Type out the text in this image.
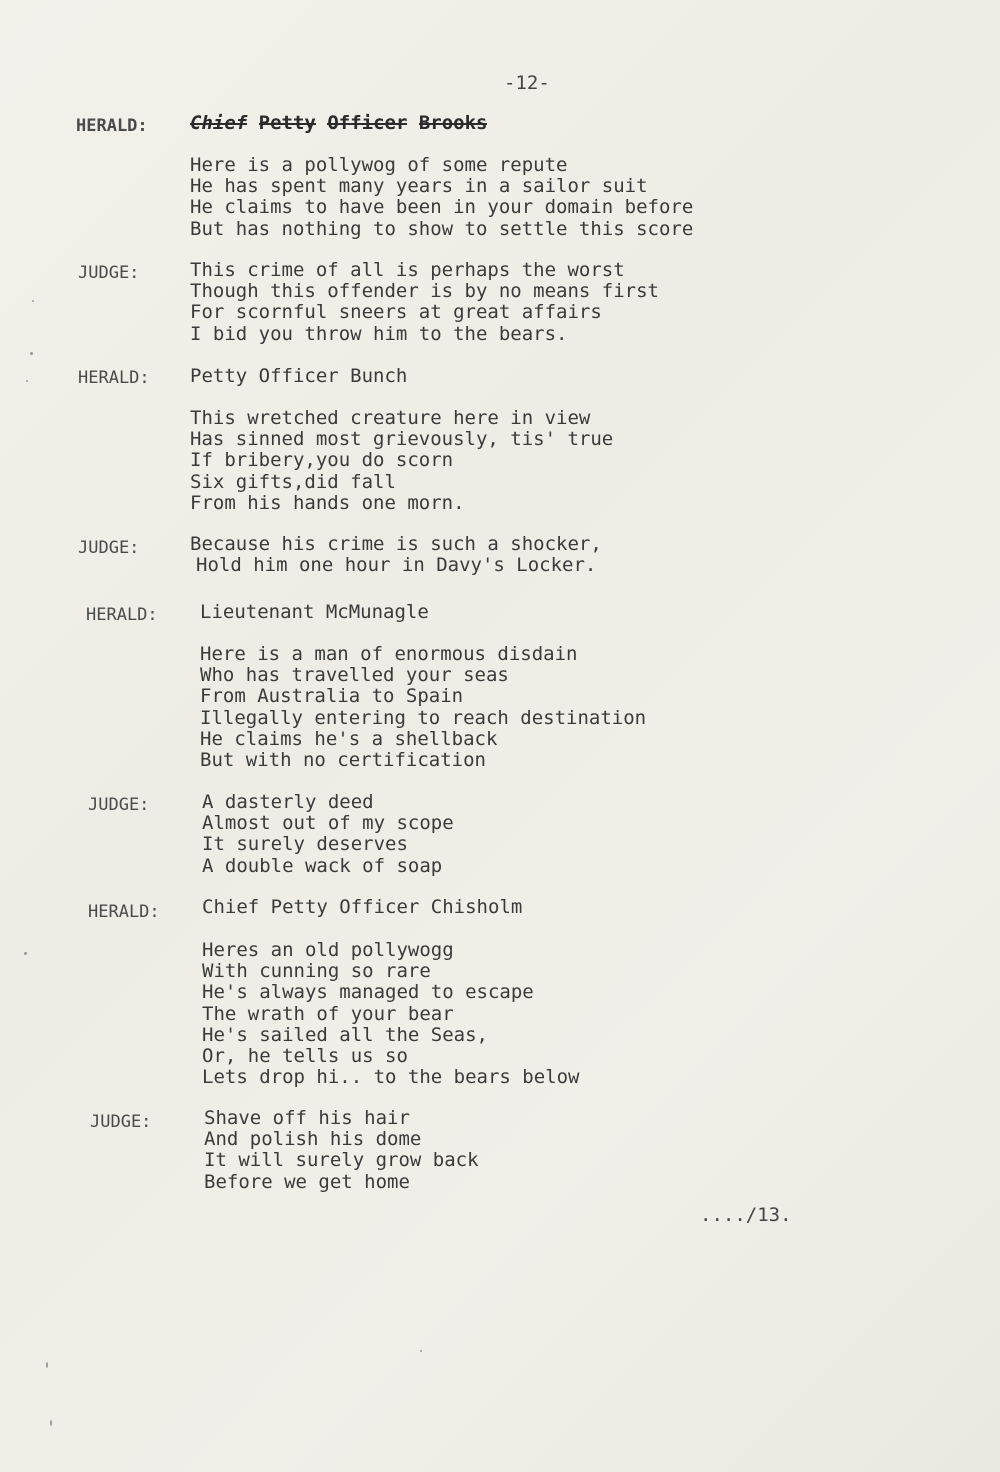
-12-
HERALD: Chief Petty Officer Brooks
Here is a pollywog of some repute
He has spent many years in a sailor suit
He claims to have been in your domain before
But has nothing to show to settle this score
JUDGE:	This crime of all is perhaps the worst
Though this offender is by no means first
For scornful sneers at great affairs
I bid you throw him to the bears.
HERALD: Petty Officer Bunch
This wretched creature here in view
Has sinned most grievously, tis' true
If bribery,you do scorn
Six gifts,did fall
From his hands one morn.
JUDGE:	Because his crime is such a shocker,
Hold him one hour in Davy's Locker.
HERALD: Lieutenant McMunagle
Here is a man of enormous disdain
Who has travelled your seas
From Australia to Spain
Illegally entering to reach destination
He claims he's a shellback
But with no certification
JUDGE:	A dasterly deed
Almost out of my scope
It surely deserves
A double wack of soap
HERALD: Chief Petty Officer Chisholm
Heres an old pollywogg
With cunning so rare
He's always managed to escape
The wrath of your bear
He's sailed all the Seas,
Or, he tells us so
Lets drop hi.. to the bears below
JUDGE:	Shave off his hair
And polish his dome
It will surely grow back
Before we get home
..../13.
